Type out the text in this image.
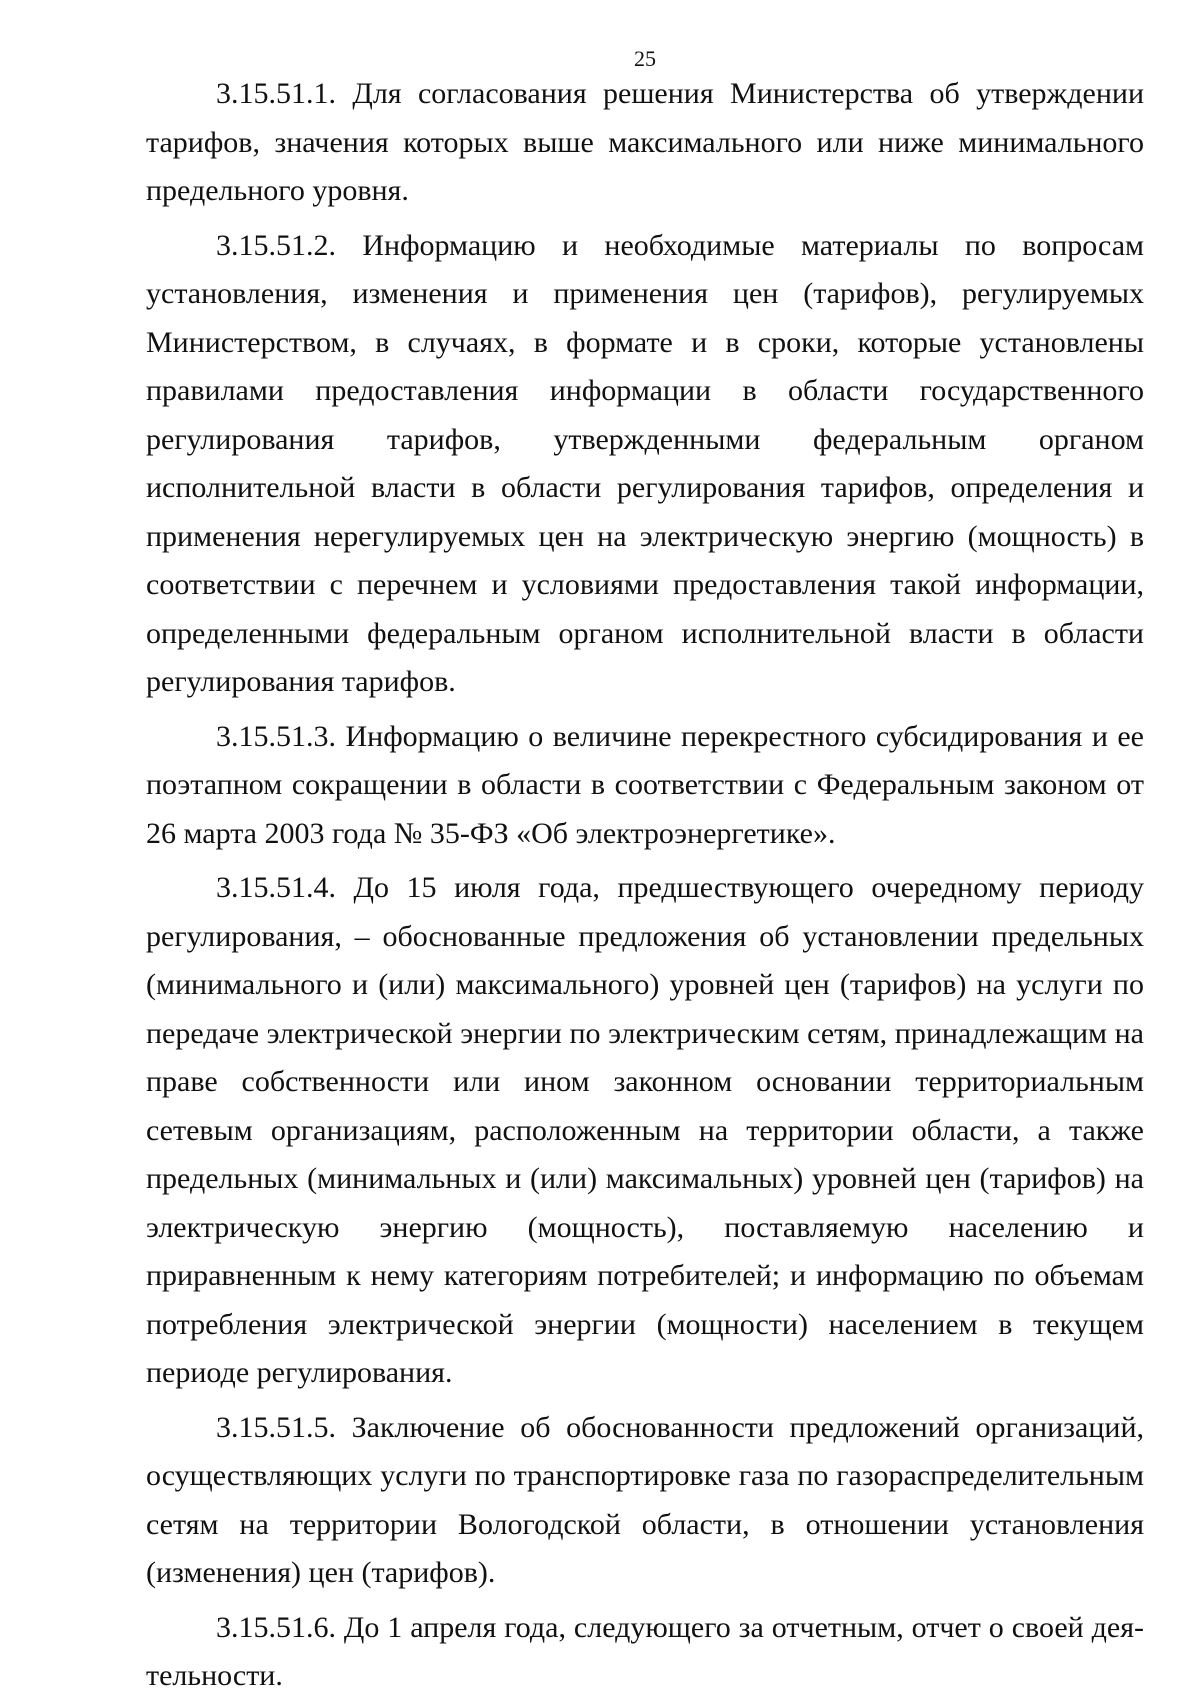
25

3.15.51.1. Для согласования решения Министерства об утверждении тарифов, значения которых выше максимального или ниже минимального предельного уровня.

3.15.51.2. Информацию и необходимые материалы по вопросам установления, изменения и применения цен (тарифов), регулируемых Министерством, в случаях, в формате и в сроки, которые установлены правилами предоставления информации в области государственного регулирования тарифов, утвержденными федеральным органом исполнительной власти в области регулирования тарифов, определения и применения нерегулируемых цен на электрическую энергию (мощность) в соответствии с перечнем и условиями предоставления такой информации, определенными федеральным органом исполнительной власти в области регулирования тарифов.

3.15.51.3. Информацию о величине перекрестного субсидирования и ее поэтапном сокращении в области в соответствии с Федеральным законом от 26 марта 2003 года № 35-ФЗ «Об электроэнергетике».

3.15.51.4. До 15 июля года, предшествующего очередному периоду регулирования, – обоснованные предложения об установлении предельных (минимального и (или) максимального) уровней цен (тарифов) на услуги по передаче электрической энергии по электрическим сетям, принадлежащим на праве собственности или ином законном основании территориальным сетевым организациям, расположенным на территории области, а также предельных (минимальных и (или) максимальных) уровней цен (тарифов) на электрическую энергию (мощность), поставляемую населению и приравненным к нему категориям потребителей; и информацию по объемам потребления электрической энергии (мощности) населением в текущем периоде регулирования.

3.15.51.5. Заключение об обоснованности предложений организаций, осуществляющих услуги по транспортировке газа по газораспределительным сетям на территории Вологодской области, в отношении установления (изменения) цен (тарифов).

3.15.51.6. До 1 апреля года, следующего за отчетным, отчет о своей деятельности.
